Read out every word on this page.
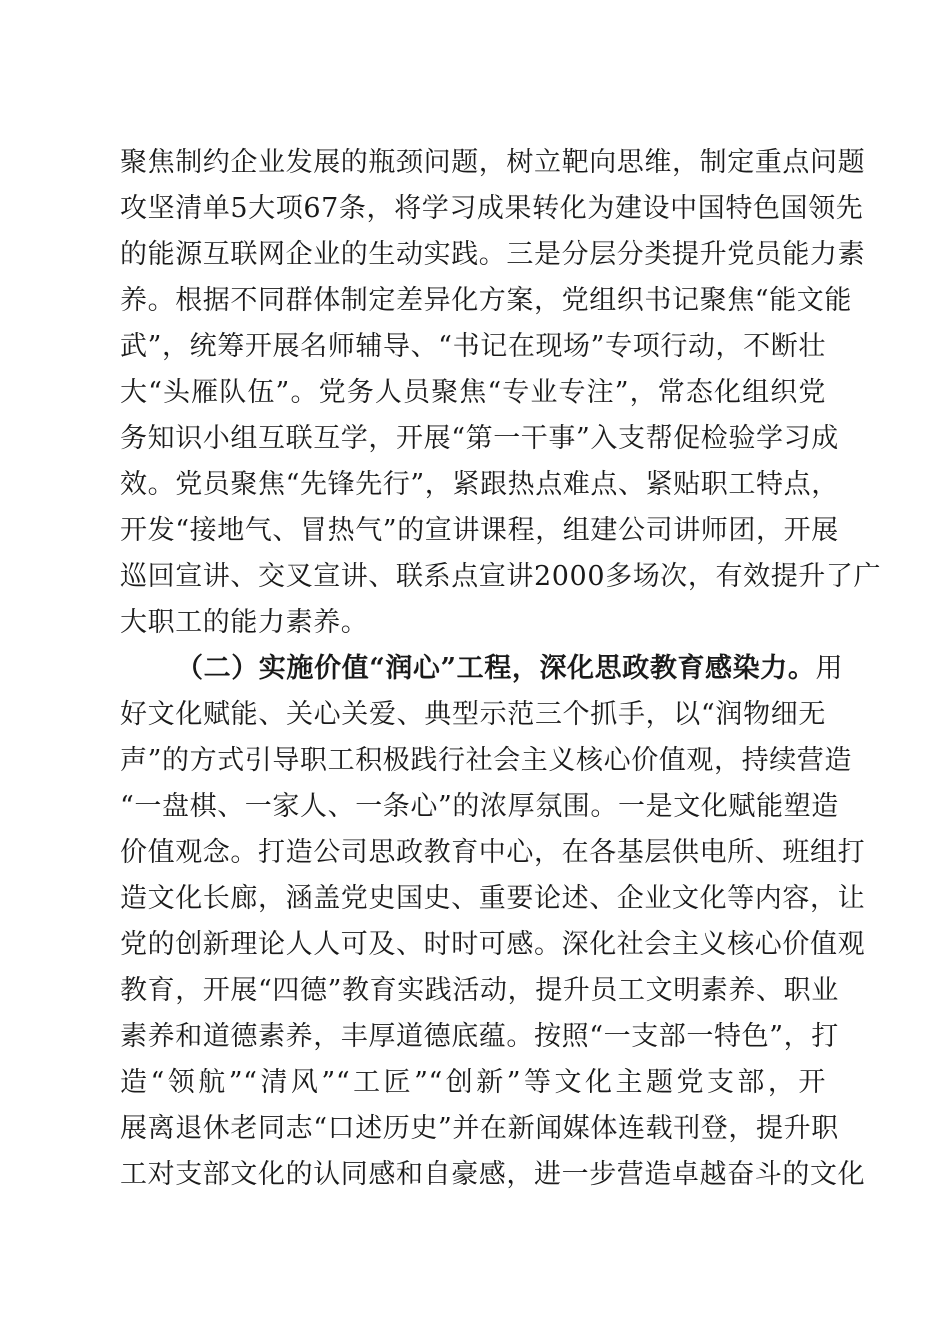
聚焦制约企业发展的瓶颈问题，树立靶向思维，制定重点问题
攻坚清单5大项67条，将学习成果转化为建设中国特色国领先
的能源互联网企业的生动实践。三是分层分类提升党员能力素
养。根据不同群体制定差异化方案，党组织书记聚焦“能文能
武”，统筹开展名师辅导、“书记在现场”专项行动，不断壮
大“头雁队伍”。党务人员聚焦“专业专注”，常态化组织党
务知识小组互联互学，开展“第一干事”入支帮促检验学习成
效。党员聚焦“先锋先行”，紧跟热点难点、紧贴职工特点，
开发“接地气、冒热气”的宣讲课程，组建公司讲师团，开展
巡回宣讲、交叉宣讲、联系点宣讲2000多场次，有效提升了广
大职工的能力素养。
（二）实施价值“润心”工程，深化思政教育感染力。用
好文化赋能、关心关爱、典型示范三个抓手，以“润物细无
声”的方式引导职工积极践行社会主义核心价值观，持续营造
“一盘棋、一家人、一条心”的浓厚氛围。一是文化赋能塑造
价值观念。打造公司思政教育中心，在各基层供电所、班组打
造文化长廊，涵盖党史国史、重要论述、企业文化等内容，让
党的创新理论人人可及、时时可感。深化社会主义核心价值观
教育，开展“四德”教育实践活动，提升员工文明素养、职业
素养和道德素养，丰厚道德底蕴。按照“一支部一特色”，打
造“领航”“清风”“工匠”“创新”等文化主题党支部，开
展离退休老同志“口述历史”并在新闻媒体连载刊登，提升职
工对支部文化的认同感和自豪感，进一步营造卓越奋斗的文化
